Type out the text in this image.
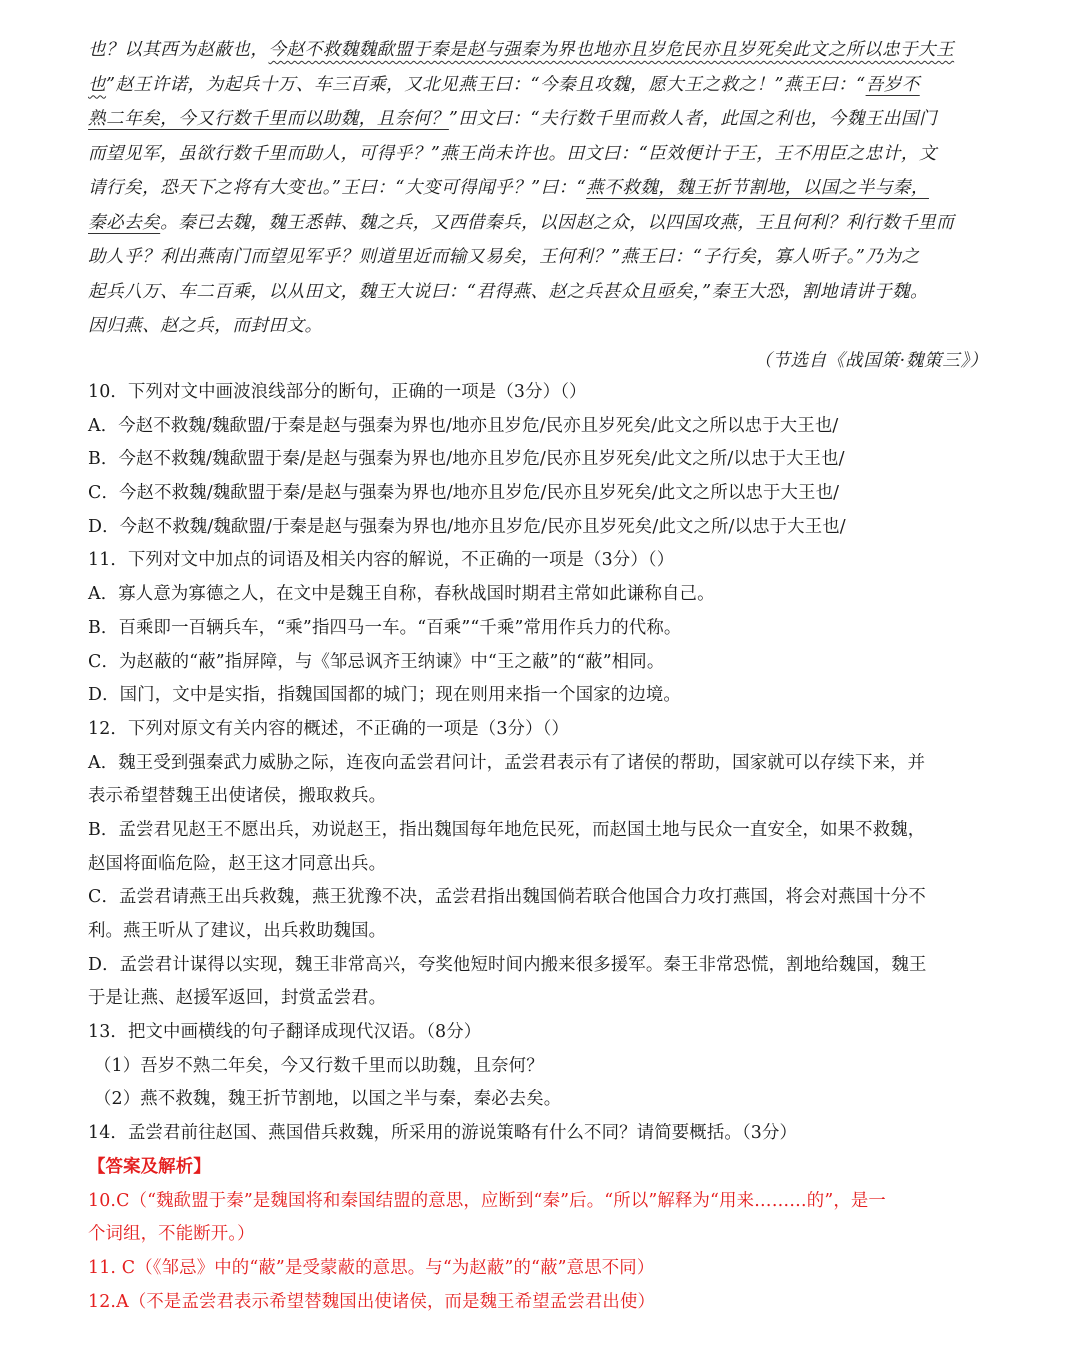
也？以其西为赵蔽也，今赵不救魏魏歃盟于秦是赵与强秦为界也地亦且岁危民亦且岁死矣此文之所以忠于大王
也”赵王许诺，为起兵十万、车三百乘，又北见燕王曰：“今秦且攻魏，愿大王之救之！”燕王曰：“吾岁不
熟二年矣，今又行数千里而以助魏，且奈何？”田文曰：“夫行数千里而救人者，此国之利也，今魏王出国门
而望见军，虽欲行数千里而助人，可得乎？”燕王尚未许也。田文曰：“臣效便计于王，王不用臣之忠计，文
请行矣，恐天下之将有大变也。”王曰：“大变可得闻乎？”曰：“燕不救魏，魏王折节割地，以国之半与秦，
秦必去矣。秦已去魏，魏王悉韩、魏之兵，又西借秦兵，以因赵之众，以四国攻燕，王且何利？利行数千里而
助人乎？利出燕南门而望见军乎？则道里近而输又易矣，王何利？”燕王曰：“子行矣，寡人听子。”乃为之
起兵八万、车二百乘，以从田文，魏王大说曰：“君得燕、赵之兵甚众且亟矣，”秦王大恐，割地请讲于魏。
因归燕、赵之兵，而封田文。
（节选自《战国策·魏策三》）
10．下列对文中画波浪线部分的断句，正确的一项是（3分）（）
A．今赵不救魏/魏歃盟/于秦是赵与强秦为界也/地亦且岁危/民亦且岁死矣/此文之所以忠于大王也/
B．今赵不救魏/魏歃盟于秦/是赵与强秦为界也/地亦且岁危/民亦且岁死矣/此文之所/以忠于大王也/
C．今赵不救魏/魏歃盟于秦/是赵与强秦为界也/地亦且岁危/民亦且岁死矣/此文之所以忠于大王也/
D．今赵不救魏/魏歃盟/于秦是赵与强秦为界也/地亦且岁危/民亦且岁死矣/此文之所/以忠于大王也/
11．下列对文中加点的词语及相关内容的解说，不正确的一项是（3分）（）
A．寡人意为寡德之人，在文中是魏王自称，春秋战国时期君主常如此谦称自己。
B．百乘即一百辆兵车，“乘”指四马一车。“百乘”“千乘”常用作兵力的代称。
C．为赵蔽的“蔽”指屏障，与《邹忌讽齐王纳谏》中“王之蔽”的“蔽”相同。
D．国门，文中是实指，指魏国国都的城门；现在则用来指一个国家的边境。
12．下列对原文有关内容的概述，不正确的一项是（3分）（）
A．魏王受到强秦武力威胁之际，连夜向孟尝君问计，孟尝君表示有了诸侯的帮助，国家就可以存续下来，并
表示希望替魏王出使诸侯，搬取救兵。
B．孟尝君见赵王不愿出兵，劝说赵王，指出魏国每年地危民死，而赵国土地与民众一直安全，如果不救魏，
赵国将面临危险，赵王这才同意出兵。
C．孟尝君请燕王出兵救魏，燕王犹豫不决，孟尝君指出魏国倘若联合他国合力攻打燕国，将会对燕国十分不
利。燕王听从了建议，出兵救助魏国。
D．孟尝君计谋得以实现，魏王非常高兴，夸奖他短时间内搬来很多援军。秦王非常恐慌，割地给魏国，魏王
于是让燕、赵援军返回，封赏孟尝君。
13．把文中画横线的句子翻译成现代汉语。（8分）
（1）吾岁不熟二年矣，今又行数千里而以助魏，且奈何？
（2）燕不救魏，魏王折节割地，以国之半与秦，秦必去矣。
14．孟尝君前往赵国、燕国借兵救魏，所采用的游说策略有什么不同？请简要概括。（3分）
【答案及解析】
10.C（“魏歃盟于秦”是魏国将和秦国结盟的意思，应断到“秦”后。“所以”解释为“用来………的”，是一
个词组，不能断开。）
11. C（《邹忌》中的“蔽”是受蒙蔽的意思。与“为赵蔽”的“蔽”意思不同）
12.A（不是孟尝君表示希望替魏国出使诸侯，而是魏王希望孟尝君出使）
